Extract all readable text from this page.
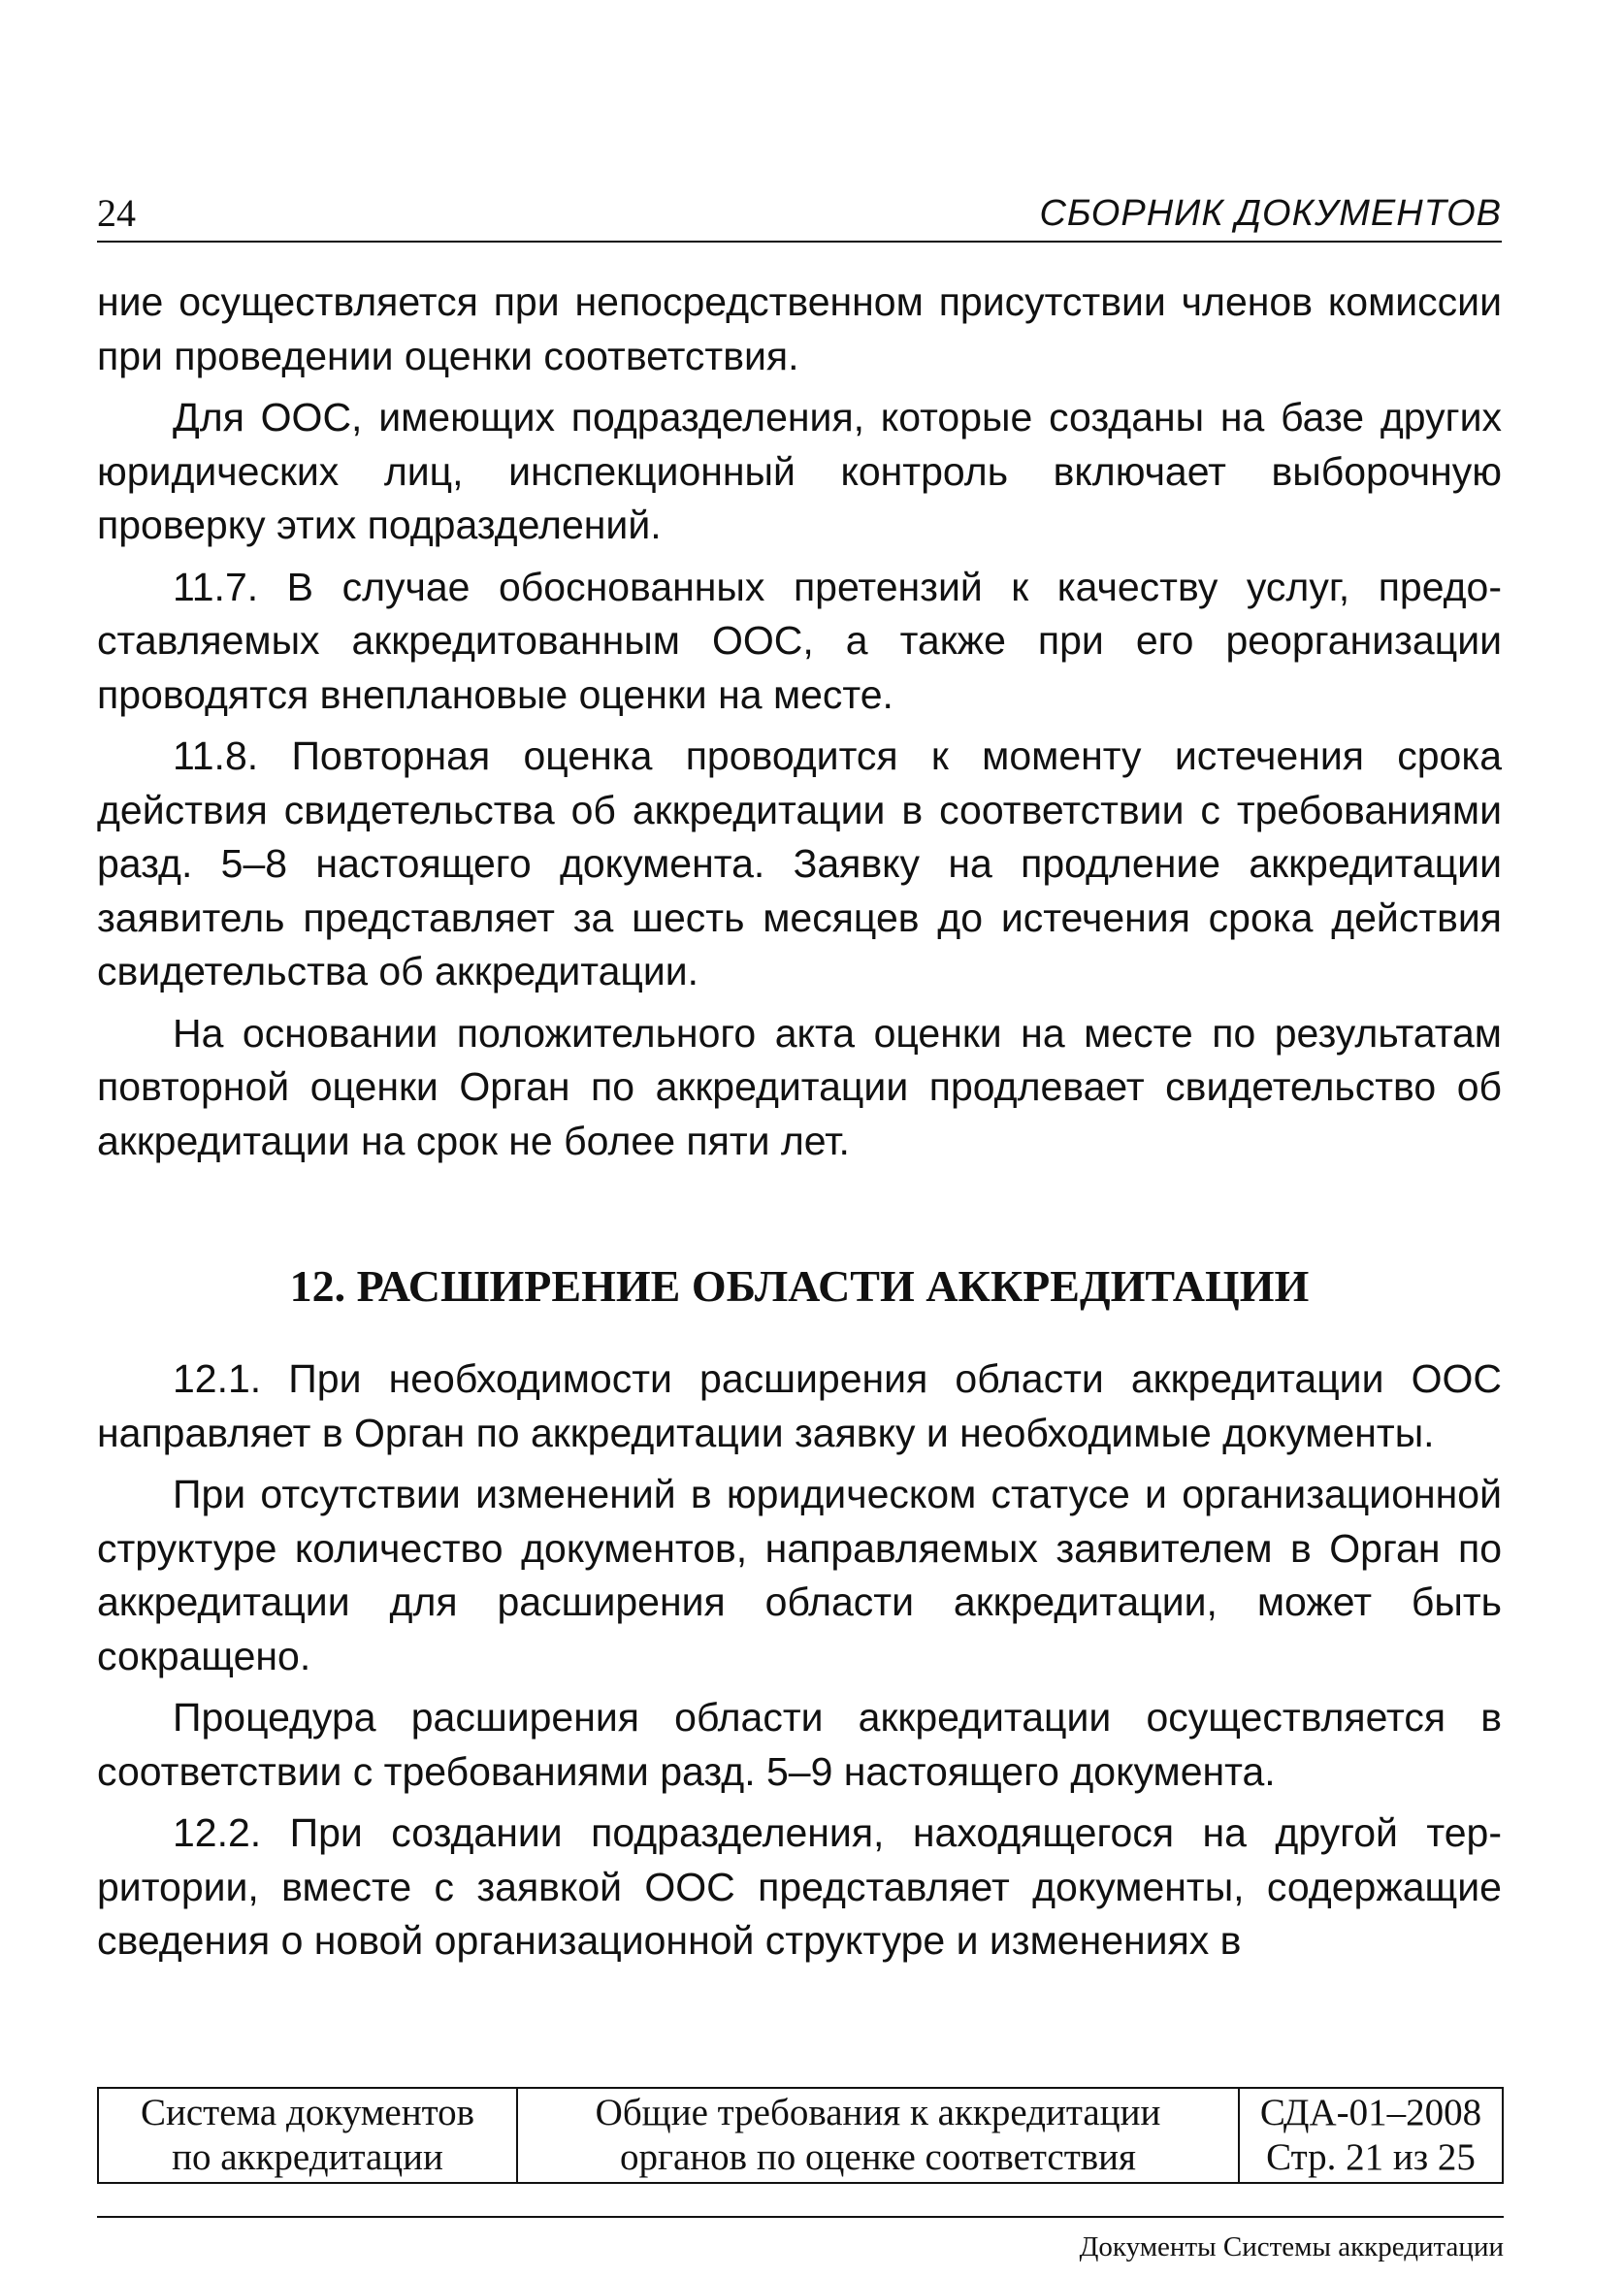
24	СБОРНИК ДОКУМЕНТОВ

ние осуществляется при непосредственном присутствии членов комиссии при проведении оценки соответствия.

Для ООС, имеющих подразделения, которые созданы на базе других юридических лиц, инспекционный контроль включает выборочную проверку этих подразделений.

11.7. В случае обоснованных претензий к качеству услуг, предоставляемых аккредитованным ООС, а также при его реорганизации проводятся внеплановые оценки на месте.

11.8. Повторная оценка проводится к моменту истечения срока действия свидетельства об аккредитации в соответствии с требованиями разд. 5–8 настоящего документа. Заявку на продление аккредитации заявитель представляет за шесть месяцев до истечения срока действия свидетельства об аккредитации.

На основании положительного акта оценки на месте по результатам повторной оценки Орган по аккредитации продлевает свидетельство об аккредитации на срок не более пяти лет.

12. РАСШИРЕНИЕ ОБЛАСТИ АККРЕДИТАЦИИ

12.1. При необходимости расширения области аккредитации ООС направляет в Орган по аккредитации заявку и необходимые документы.

При отсутствии изменений в юридическом статусе и организационной структуре количество документов, направляемых заявителем в Орган по аккредитации для расширения области аккредитации, может быть сокращено.

Процедура расширения области аккредитации осуществляется в соответствии с требованиями разд. 5–9 настоящего документа.

12.2. При создании подразделения, находящегося на другой территории, вместе с заявкой ООС представляет документы, содержащие сведения о новой организационной структуре и изменениях в

Система документов
по аккредитации
Общие требования к аккредитации
органов по оценке соответствия
СДА-01–2008
Стр. 21 из 25
Документы Системы аккредитации
